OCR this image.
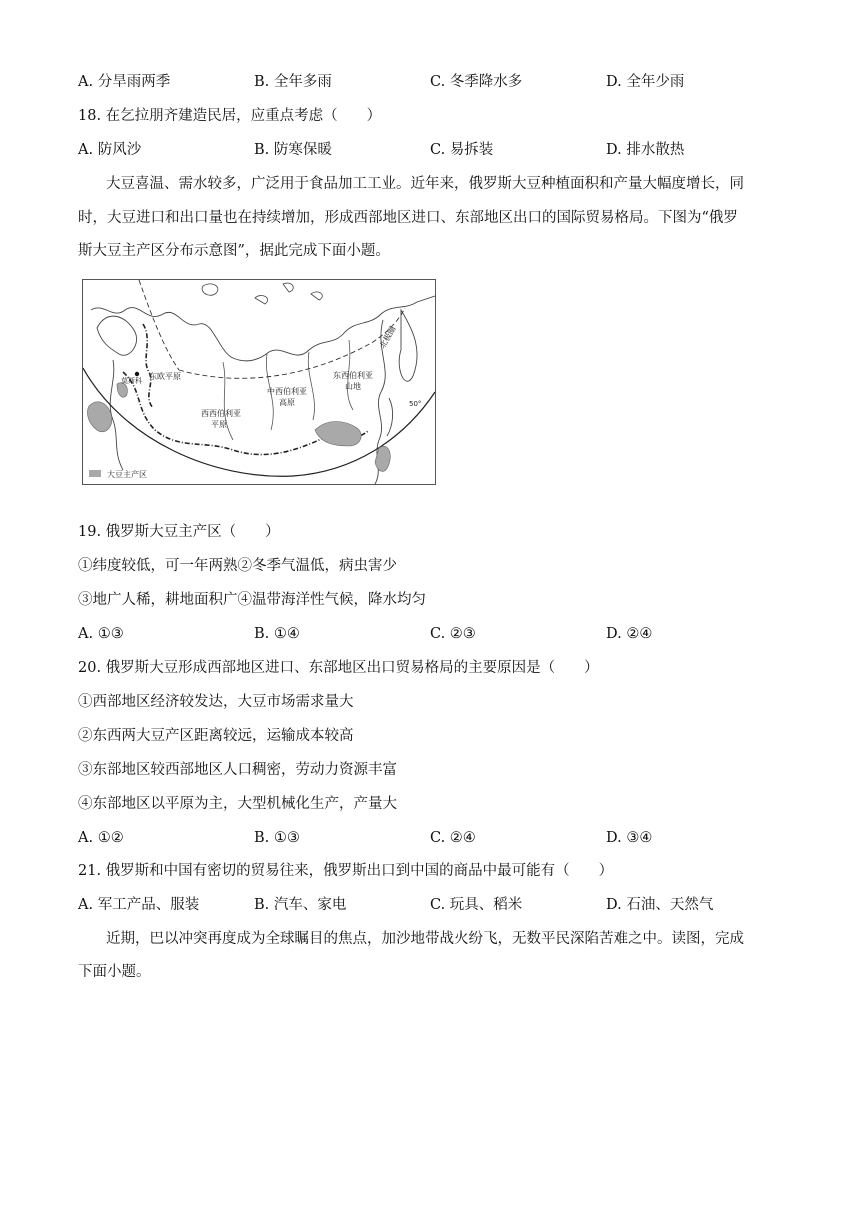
A. 分旱雨两季	B. 全年多雨	C. 冬季降水多	D. 全年少雨
18. 在乞拉朋齐建造民居，应重点考虑（　　）
A. 防风沙	B. 防寒保暖	C. 易拆装	D. 排水散热
大豆喜温、需水较多，广泛用于食品加工工业。近年来，俄罗斯大豆种植面积和产量大幅度增长，同
时，大豆进口和出口量也在持续增加，形成西部地区进口、东部地区出口的国际贸易格局。下图为“俄罗
斯大豆主产区分布示意图”，据此完成下面小题。
莫斯科 东欧平原
西西伯利亚
平原
中西伯利亚
高原
东西伯利亚
山地
北极圈
50°
大豆主产区
19. 俄罗斯大豆主产区（　　）
①纬度较低，可一年两熟②冬季气温低，病虫害少
③地广人稀，耕地面积广④温带海洋性气候，降水均匀
A. ①③	B. ①④	C. ②③	D. ②④
20. 俄罗斯大豆形成西部地区进口、东部地区出口贸易格局的主要原因是（　　）
①西部地区经济较发达，大豆市场需求量大
②东西两大豆产区距离较远，运输成本较高
③东部地区较西部地区人口稠密，劳动力资源丰富
④东部地区以平原为主，大型机械化生产，产量大
A. ①②	B. ①③	C. ②④	D. ③④
21. 俄罗斯和中国有密切的贸易往来，俄罗斯出口到中国的商品中最可能有（　　）
A. 军工产品、服装	B. 汽车、家电	C. 玩具、稻米	D. 石油、天然气
近期，巴以冲突再度成为全球瞩目的焦点，加沙地带战火纷飞，无数平民深陷苦难之中。读图，完成
下面小题。
